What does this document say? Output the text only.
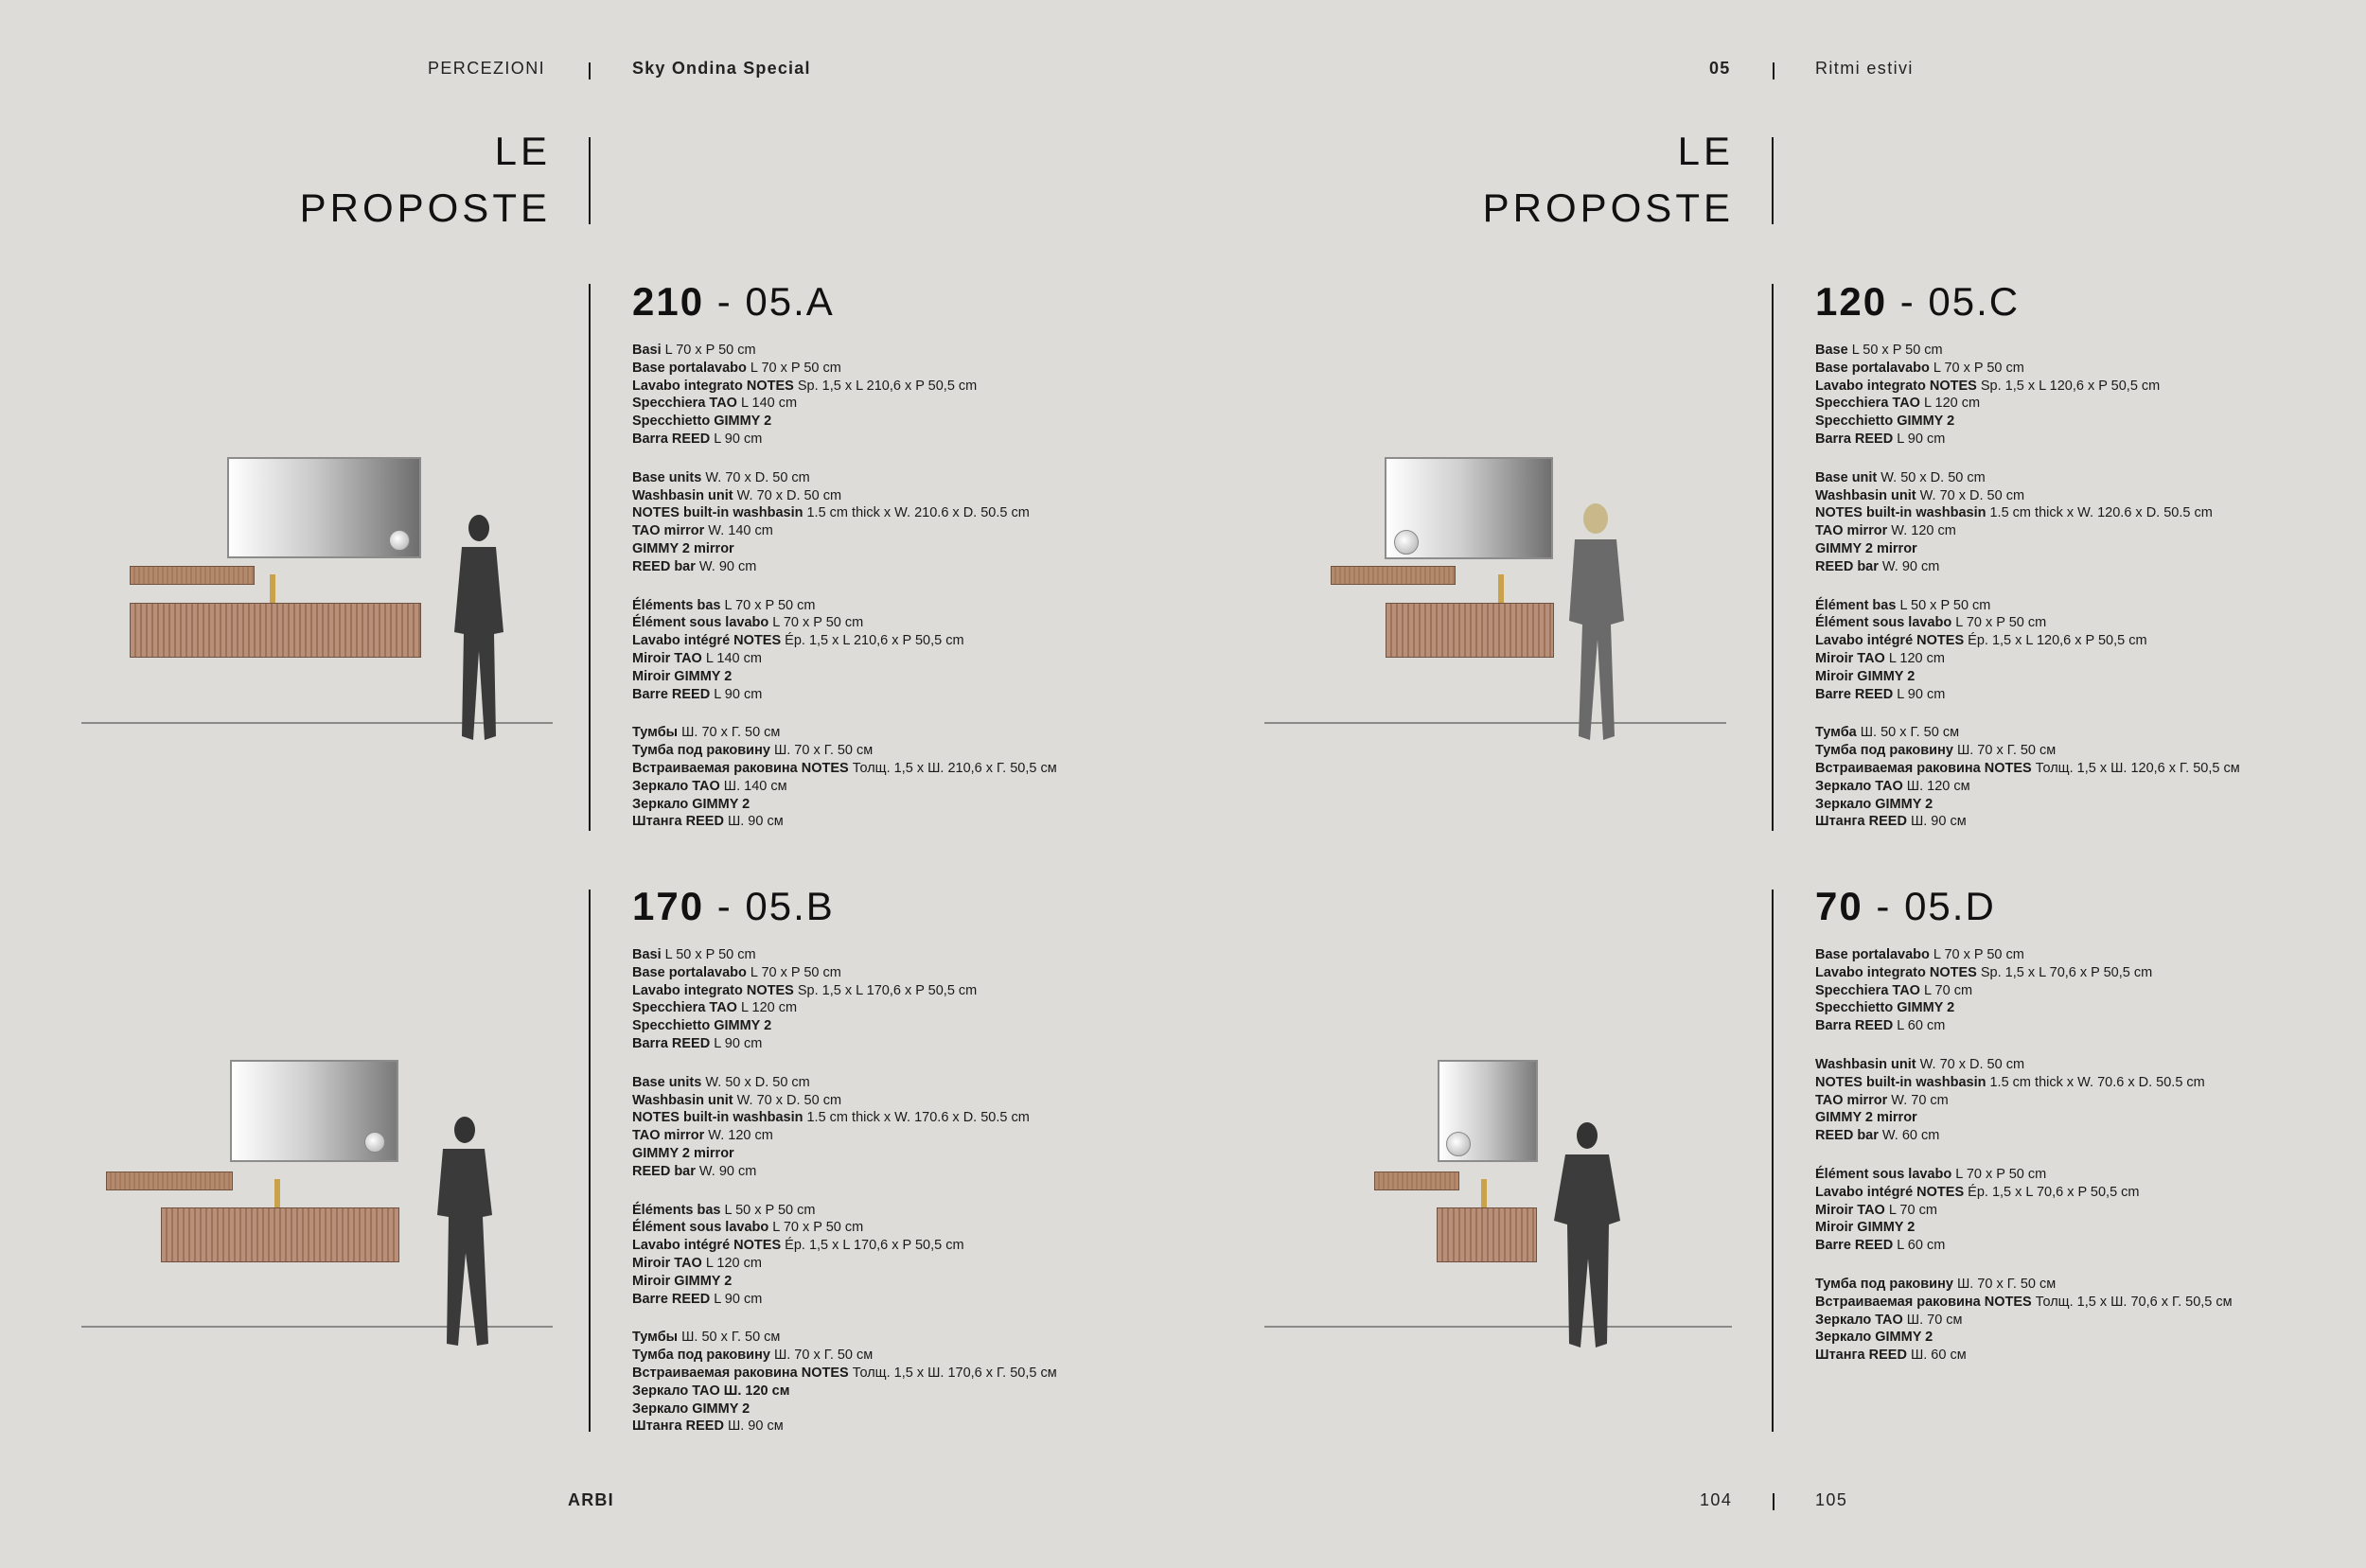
PERCEZIONI	Sky Ondina Special	05	Ritmi estivi
LE
PROPOSTE
LE
PROPOSTE
210 - 05.A
Basi L 70 x P 50 cm
Base portalavabo L 70 x P 50 cm
Lavabo integrato NOTES Sp. 1,5 x L 210,6 x P 50,5 cm
Specchiera TAO L 140 cm
Specchietto GIMMY 2
Barra REED L 90 cm
Base units W. 70 x D. 50 cm
Washbasin unit W. 70 x D. 50 cm
NOTES built-in washbasin 1.5 cm thick x W. 210.6 x D. 50.5 cm
TAO mirror W. 140 cm
GIMMY 2 mirror
REED bar W. 90 cm
Éléments bas L 70 x P 50 cm
Élément sous lavabo L 70 x P 50 cm
Lavabo intégré NOTES Ép. 1,5 x L 210,6 x P 50,5 cm
Miroir TAO L 140 cm
Miroir GIMMY 2
Barre REED L 90 cm
Тумбы Ш. 70 x Г. 50 см
Тумба под раковину Ш. 70 x Г. 50 см
Встраиваемая раковина NOTES Толщ. 1,5 x Ш. 210,6 x Г. 50,5 см
Зеркало TAO Ш. 140 см
Зеркало GIMMY 2
Штанга REED Ш. 90 см
170 - 05.B
Basi L 50 x P 50 cm
Base portalavabo L 70 x P 50 cm
Lavabo integrato NOTES Sp. 1,5 x L 170,6 x P 50,5 cm
Specchiera TAO L 120 cm
Specchietto GIMMY 2
Barra REED L 90 cm
Base units W. 50 x D. 50 cm
Washbasin unit W. 70 x D. 50 cm
NOTES built-in washbasin 1.5 cm thick x W. 170.6 x D. 50.5 cm
TAO mirror W. 120 cm
GIMMY 2 mirror
REED bar W. 90 cm
Éléments bas L 50 x P 50 cm
Élément sous lavabo L 70 x P 50 cm
Lavabo intégré NOTES Ép. 1,5 x L 170,6 x P 50,5 cm
Miroir TAO L 120 cm
Miroir GIMMY 2
Barre REED L 90 cm
Тумбы Ш. 50 x Г. 50 см
Тумба под раковину Ш. 70 x Г. 50 см
Встраиваемая раковина NOTES Толщ. 1,5 x Ш. 170,6 x Г. 50,5 см
Зеркало TAO Ш. 120 см
Зеркало GIMMY 2
Штанга REED Ш. 90 см
120 - 05.C
Base L 50 x P 50 cm
Base portalavabo L 70 x P 50 cm
Lavabo integrato NOTES Sp. 1,5 x L 120,6 x P 50,5 cm
Specchiera TAO L 120 cm
Specchietto GIMMY 2
Barra REED L 90 cm
Base unit W. 50 x D. 50 cm
Washbasin unit W. 70 x D. 50 cm
NOTES built-in washbasin 1.5 cm thick x W. 120.6 x D. 50.5 cm
TAO mirror W. 120 cm
GIMMY 2 mirror
REED bar W. 90 cm
Élément bas L 50 x P 50 cm
Élément sous lavabo L 70 x P 50 cm
Lavabo intégré NOTES Ép. 1,5 x L 120,6 x P 50,5 cm
Miroir TAO L 120 cm
Miroir GIMMY 2
Barre REED L 90 cm
Тумба Ш. 50 x Г. 50 см
Тумба под раковину Ш. 70 x Г. 50 см
Встраиваемая раковина NOTES Толщ. 1,5 x Ш. 120,6 x Г. 50,5 см
Зеркало TAO Ш. 120 см
Зеркало GIMMY 2
Штанга REED Ш. 90 см
70 - 05.D
Base portalavabo L 70 x P 50 cm
Lavabo integrato NOTES Sp. 1,5 x L 70,6 x P 50,5 cm
Specchiera TAO L 70 cm
Specchietto GIMMY 2
Barra REED L 60 cm
Washbasin unit W. 70 x D. 50 cm
NOTES built-in washbasin 1.5 cm thick x W. 70.6 x D. 50.5 cm
TAO mirror W. 70 cm
GIMMY 2 mirror
REED bar W. 60 cm
Élément sous lavabo L 70 x P 50 cm
Lavabo intégré NOTES Ép. 1,5 x L 70,6 x P 50,5 cm
Miroir TAO L 70 cm
Miroir GIMMY 2
Barre REED L 60 cm
Тумба под раковину Ш. 70 x Г. 50 см
Встраиваемая раковина NOTES Толщ. 1,5 x Ш. 70,6 x Г. 50,5 см
Зеркало TAO Ш. 70 см
Зеркало GIMMY 2
Штанга REED Ш. 60 см
ARBI	104	105
